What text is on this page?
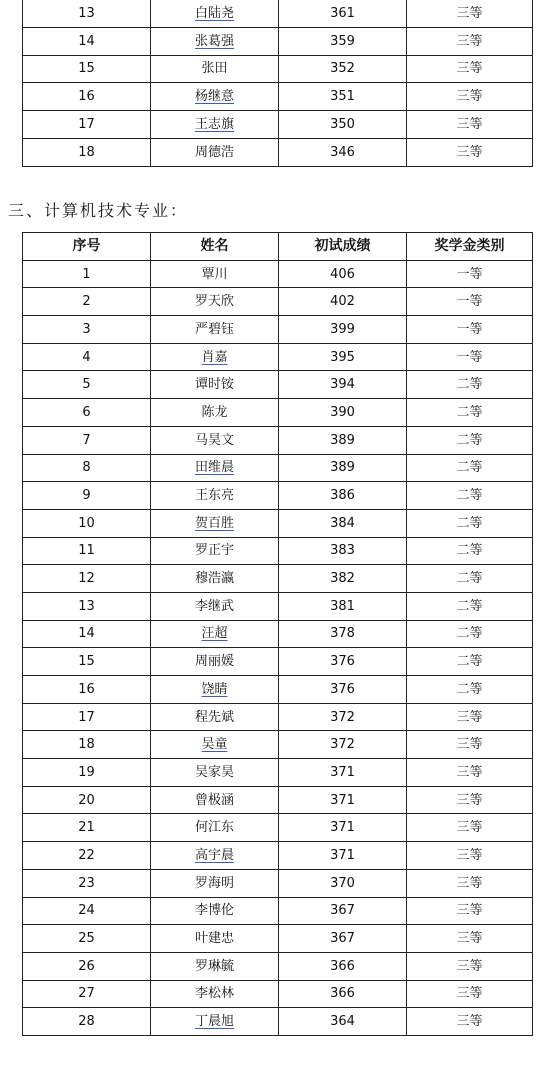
13	白陆尧	361	三等
14	张葛强	359	三等
15	张田	352	三等
16	杨继意	351	三等
17	王志旗	350	三等
18	周德浩	346	三等

三、计算机技术专业：

序号	姓名	初试成绩	奖学金类别
1	覃川	406	一等
2	罗天欣	402	一等
3	严碧钰	399	一等
4	肖嘉	395	一等
5	谭时铵	394	二等
6	陈龙	390	二等
7	马昊文	389	二等
8	田维晨	389	二等
9	王东亮	386	二等
10	贺百胜	384	二等
11	罗正宇	383	二等
12	穆浩瀛	382	二等
13	李继武	381	二等
14	汪超	378	二等
15	周丽媛	376	二等
16	饶睛	376	二等
17	程先斌	372	三等
18	吴童	372	三等
19	吴家昊	371	三等
20	曾极涵	371	三等
21	何江东	371	三等
22	高宇晨	371	三等
23	罗海明	370	三等
24	李博伦	367	三等
25	叶建忠	367	三等
26	罗琳毓	366	三等
27	李松林	366	三等
28	丁晨旭	364	三等
